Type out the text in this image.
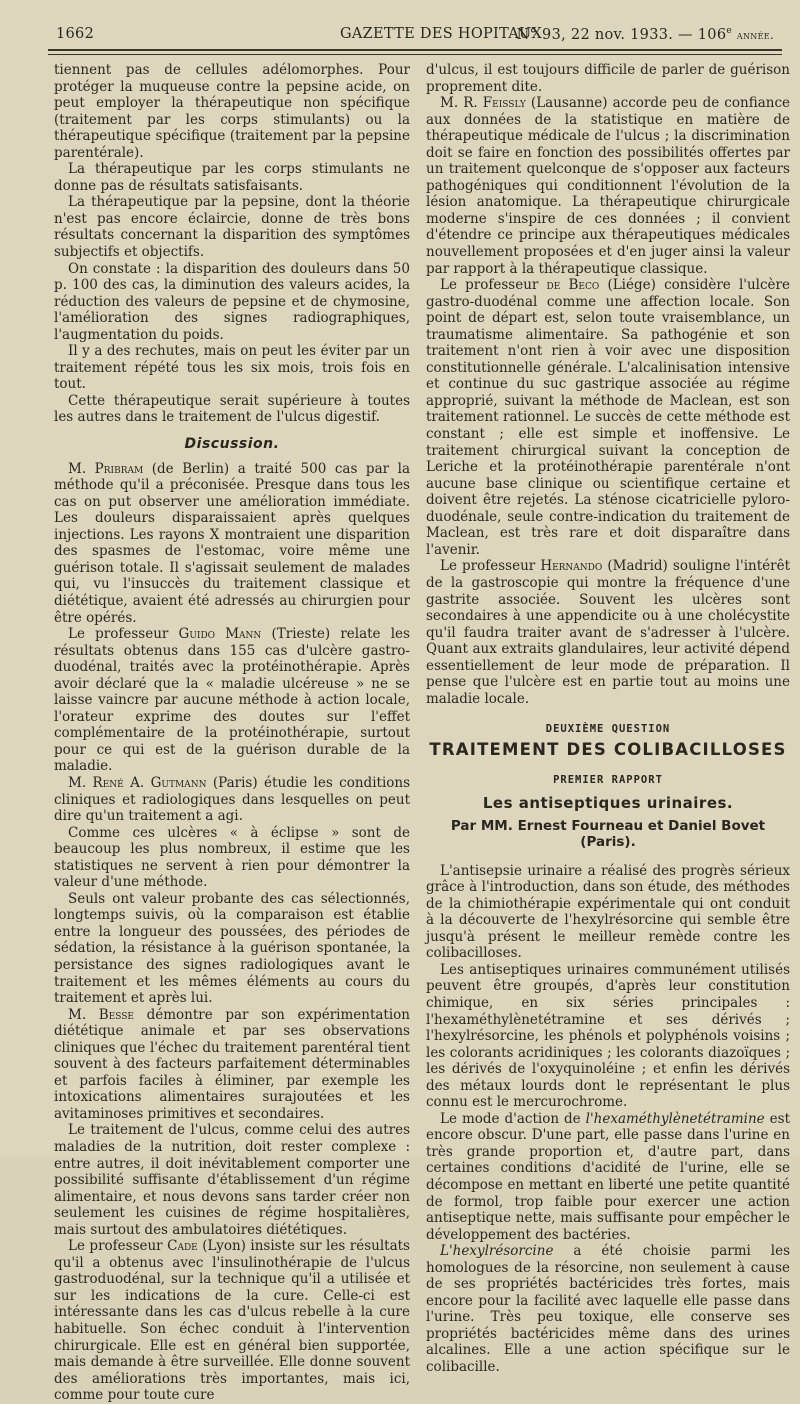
1662	GAZETTE DES HOPITAUX
N° 93, 22 nov. 1933. — 106e année.

tiennent pas de cellules adélomorphes. Pour protéger la muqueuse contre la pepsine acide, on peut employer la thérapeutique non spécifique (traitement par les corps stimulants) ou la thérapeutique spécifique (traitement par la pepsine parentérale).

La thérapeutique par les corps stimulants ne donne pas de résultats satisfaisants.

La thérapeutique par la pepsine, dont la théorie n'est pas encore éclaircie, donne de très bons résultats concernant la disparition des symptômes subjectifs et objectifs.

On constate : la disparition des douleurs dans 50 p. 100 des cas, la diminution des valeurs acides, la réduction des valeurs de pepsine et de chymosine, l'amélioration des signes radiographiques, l'augmentation du poids.

Il y a des rechutes, mais on peut les éviter par un traitement répété tous les six mois, trois fois en tout.

Cette thérapeutique serait supérieure à toutes les autres dans le traitement de l'ulcus digestif.

Discussion.

M. Pribram (de Berlin) a traité 500 cas par la méthode qu'il a préconisée. Presque dans tous les cas on put observer une amélioration immédiate. Les douleurs disparaissaient après quelques injections. Les rayons X montraient une disparition des spasmes de l'estomac, voire même une guérison totale. Il s'agissait seulement de malades qui, vu l'insuccès du traitement classique et diététique, avaient été adressés au chirurgien pour être opérés.

Le professeur Guido Mann (Trieste) relate les résultats obtenus dans 155 cas d'ulcère gastro-duodénal, traités avec la protéinothérapie. Après avoir déclaré que la « maladie ulcéreuse » ne se laisse vaincre par aucune méthode à action locale, l'orateur exprime des doutes sur l'effet complémentaire de la protéinothérapie, surtout pour ce qui est de la guérison durable de la maladie.

M. René A. Gutmann (Paris) étudie les conditions cliniques et radiologiques dans lesquelles on peut dire qu'un traitement a agi.

Comme ces ulcères « à éclipse » sont de beaucoup les plus nombreux, il estime que les statistiques ne servent à rien pour démontrer la valeur d'une méthode.

Seuls ont valeur probante des cas sélectionnés, longtemps suivis, où la comparaison est établie entre la longueur des poussées, des périodes de sédation, la résistance à la guérison spontanée, la persistance des signes radiologiques avant le traitement et les mêmes éléments au cours du traitement et après lui.

M. Besse démontre par son expérimentation diététique animale et par ses observations cliniques que l'échec du traitement parentéral tient souvent à des facteurs parfaitement déterminables et parfois faciles à éliminer, par exemple les intoxications alimentaires surajoutées et les avitaminoses primitives et secondaires.

Le traitement de l'ulcus, comme celui des autres maladies de la nutrition, doit rester complexe : entre autres, il doit inévitablement comporter une possibilité suffisante d'établissement d'un régime alimentaire, et nous devons sans tarder créer non seulement les cuisines de régime hospitalières, mais surtout des ambulatoires diététiques.

Le professeur Cade (Lyon) insiste sur les résultats qu'il a obtenus avec l'insulinothérapie de l'ulcus gastroduodénal, sur la technique qu'il a utilisée et sur les indications de la cure. Celle-ci est intéressante dans les cas d'ulcus rebelle à la cure habituelle. Son échec conduit à l'intervention chirurgicale. Elle est en général bien supportée, mais demande à être surveillée. Elle donne souvent des améliorations très importantes, mais ici, comme pour toute cure

d'ulcus, il est toujours difficile de parler de guérison proprement dite.

M. R. Feissly (Lausanne) accorde peu de confiance aux données de la statistique en matière de thérapeutique médicale de l'ulcus ; la discrimination doit se faire en fonction des possibilités offertes par un traitement quelconque de s'opposer aux facteurs pathogéniques qui conditionnent l'évolution de la lésion anatomique. La thérapeutique chirurgicale moderne s'inspire de ces données ; il convient d'étendre ce principe aux thérapeutiques médicales nouvellement proposées et d'en juger ainsi la valeur par rapport à la thérapeutique classique.

Le professeur de Beco (Liége) considère l'ulcère gastro-duodénal comme une affection locale. Son point de départ est, selon toute vraisemblance, un traumatisme alimentaire. Sa pathogénie et son traitement n'ont rien à voir avec une disposition constitutionnelle générale. L'alcalinisation intensive et continue du suc gastrique associée au régime approprié, suivant la méthode de Maclean, est son traitement rationnel. Le succès de cette méthode est constant ; elle est simple et inoffensive. Le traitement chirurgical suivant la conception de Leriche et la protéinothérapie parentérale n'ont aucune base clinique ou scientifique certaine et doivent être rejetés. La sténose cicatricielle pyloro-duodénale, seule contre-indication du traitement de Maclean, est très rare et doit disparaître dans l'avenir.

Le professeur Hernando (Madrid) souligne l'intérêt de la gastroscopie qui montre la fréquence d'une gastrite associée. Souvent les ulcères sont secondaires à une appendicite ou à une cholécystite qu'il faudra traiter avant de s'adresser à l'ulcère. Quant aux extraits glandulaires, leur activité dépend essentiellement de leur mode de préparation. Il pense que l'ulcère est en partie tout au moins une maladie locale.

DEUXIÈME QUESTION
TRAITEMENT DES COLIBACILLOSES
PREMIER RAPPORT
Les antiseptiques urinaires.
Par MM. Ernest Fourneau et Daniel Bovet (Paris).

L'antisepsie urinaire a réalisé des progrès sérieux grâce à l'introduction, dans son étude, des méthodes de la chimiothérapie expérimentale qui ont conduit à la découverte de l'hexylrésorcine qui semble être jusqu'à présent le meilleur remède contre les colibacilloses.

Les antiseptiques urinaires communément utilisés peuvent être groupés, d'après leur constitution chimique, en six séries principales : l'hexaméthylènetétramine et ses dérivés ; l'hexylrésorcine, les phénols et polyphénols voisins ; les colorants acridiniques ; les colorants diazoïques ; les dérivés de l'oxyquinoléine ; et enfin les dérivés des métaux lourds dont le représentant le plus connu est le mercurochrome.

Le mode d'action de l'hexaméthylènetétramine est encore obscur. D'une part, elle passe dans l'urine en très grande proportion et, d'autre part, dans certaines conditions d'acidité de l'urine, elle se décompose en mettant en liberté une petite quantité de formol, trop faible pour exercer une action antiseptique nette, mais suffisante pour empêcher le développement des bactéries.

L'hexylrésorcine a été choisie parmi les homologues de la résorcine, non seulement à cause de ses propriétés bactéricides très fortes, mais encore pour la facilité avec laquelle elle passe dans l'urine. Très peu toxique, elle conserve ses propriétés bactéricides même dans des urines alcalines. Elle a une action spécifique sur le colibacille.
